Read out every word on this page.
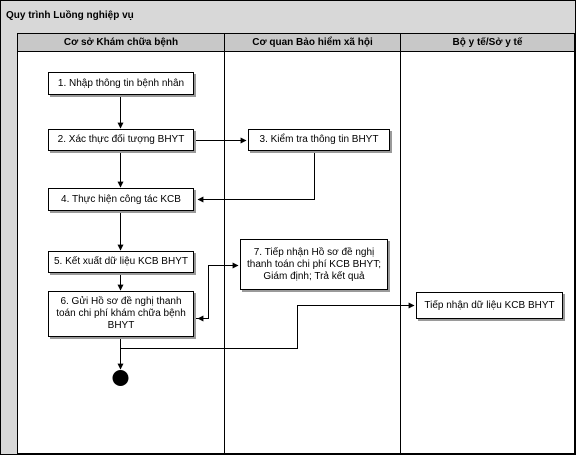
Quy trình Luồng nghiệp vụ
Cơ sở Khám chữa bệnh	Cơ quan Bảo hiểm xã hội	Bộ y tế/Sở y tế
1. Nhập thông tin bệnh nhân
2. Xác thực đối tượng BHYT	3. Kiểm tra thông tin BHYT
4. Thực hiện công tác KCB
5. Kết xuất dữ liệu KCB BHYT
6. Gửi Hồ sơ đề nghị thanh toán chi phí khám chữa bệnh BHYT
7. Tiếp nhận Hồ sơ đề nghị thanh toán chi phí KCB BHYT; Giám định; Trả kết quả
Tiếp nhận dữ liệu KCB BHYT
